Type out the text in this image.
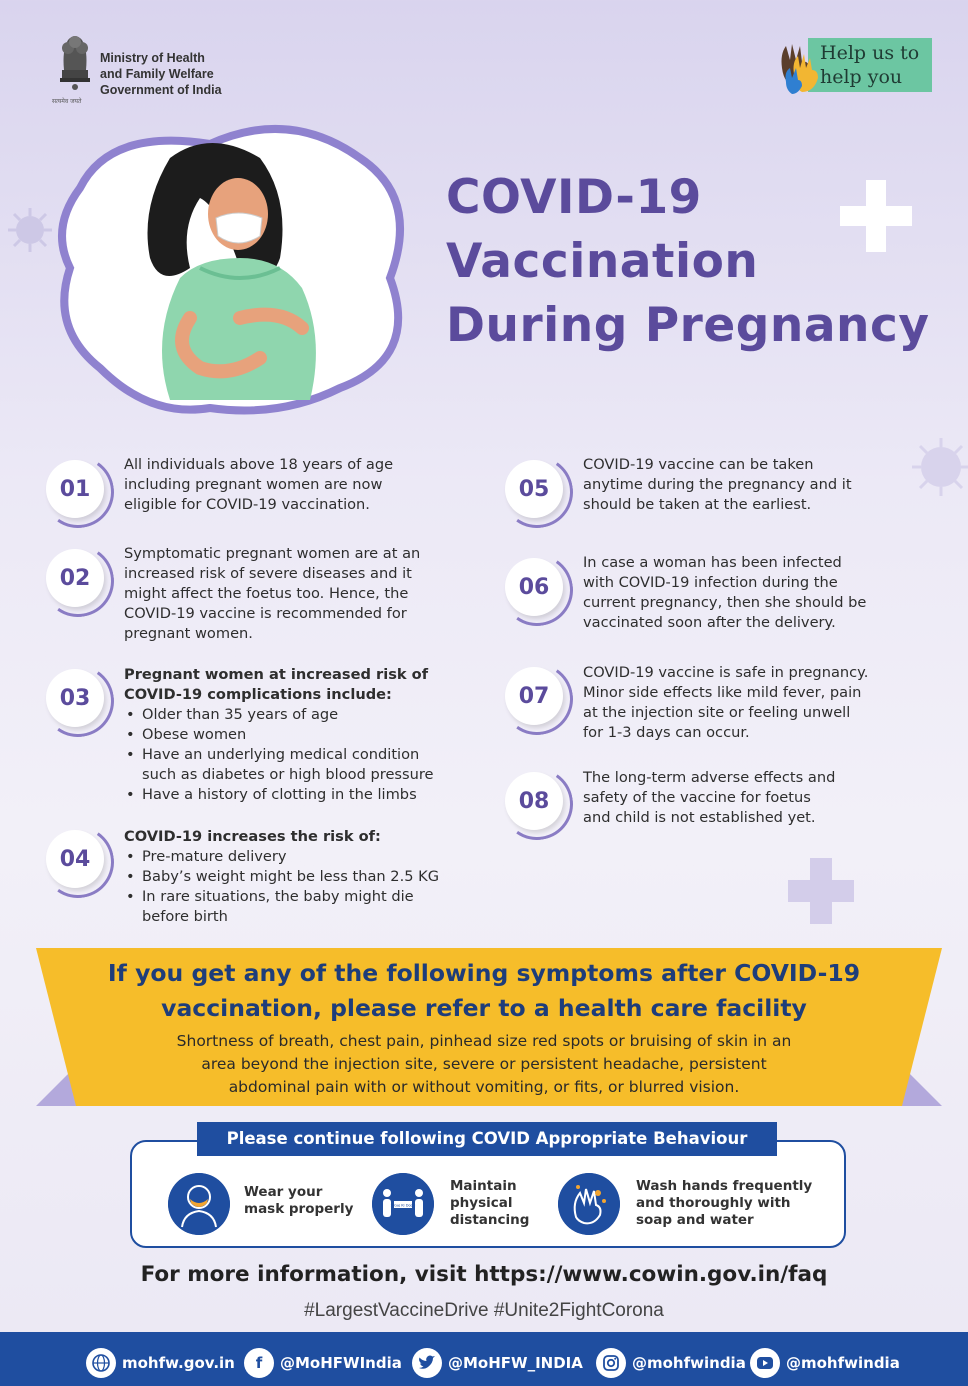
सत्यमेव जयते
Ministry of Health
and Family Welfare
Government of India
Help us to
help you
COVID-19
Vaccination
During Pregnancy
01
All individuals above 18 years of age
including pregnant women are now
eligible for COVID-19 vaccination.
02
Symptomatic pregnant women are at an
increased risk of severe diseases and it
might affect the foetus too. Hence, the
COVID-19 vaccine is recommended for
pregnant women.
03
Pregnant women at increased risk of
COVID-19 complications include:
• Older than 35 years of age
• Obese women
• Have an underlying medical condition
such as diabetes or high blood pressure
• Have a history of clotting in the limbs
04
COVID-19 increases the risk of:
• Pre-mature delivery
• Baby’s weight might be less than 2.5 KG
• In rare situations, the baby might die
before birth
05
COVID-19 vaccine can be taken
anytime during the pregnancy and it
should be taken at the earliest.
06
In case a woman has been infected
with COVID-19 infection during the
current pregnancy, then she should be
vaccinated soon after the delivery.
07
COVID-19 vaccine is safe in pregnancy.
Minor side effects like mild fever, pain
at the injection site or feeling unwell
for 1-3 days can occur.
08
The long-term adverse effects and
safety of the vaccine for foetus
and child is not established yet.
If you get any of the following symptoms after COVID-19
vaccination, please refer to a health care facility
Shortness of breath, chest pain, pinhead size red spots or bruising of skin in an
area beyond the injection site, severe or persistent headache, persistent
abdominal pain with or without vomiting, or fits, or blurred vision.
Please continue following COVID Appropriate Behaviour
Wear your
mask properly	2 Gaj Ki Doori
Maintain
physical
distancing
Wash hands frequently
and thoroughly with
soap and water
For more information, visit https://www.cowin.gov.in/faq
#LargestVaccineDrive #Unite2FightCorona
mohfw.gov.in	f	@MoHFWIndia	@MoHFW_INDIA	@mohfwindia	@mohfwindia
